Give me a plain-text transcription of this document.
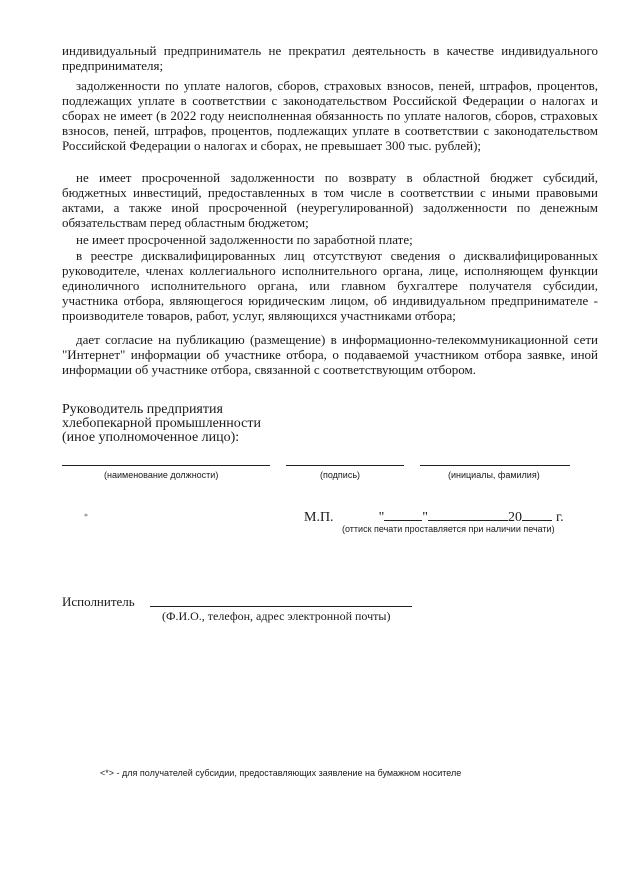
индивидуальный предприниматель не прекратил деятельность в качестве индивидуального предпринимателя;
задолженности по уплате налогов, сборов, страховых взносов, пеней, штрафов, процентов, подлежащих уплате в соответствии с законодательством Российской Федерации о налогах и сборах не имеет (в 2022 году неисполненная обязанность по уплате налогов, сборов, страховых взносов, пеней, штрафов, процентов, подлежащих уплате в соответствии с законодательством Российской Федерации о налогах и сборах, не превышает 300 тыс. рублей);
не имеет просроченной задолженности по возврату в областной бюджет субсидий, бюджетных инвестиций, предоставленных в том числе в соответствии с иными правовыми актами, а также иной просроченной (неурегулированной) задолженности по денежным обязательствам перед областным бюджетом;
не имеет просроченной задолженности по заработной плате;
в реестре дисквалифицированных лиц отсутствуют сведения о дисквалифицированных руководителе, членах коллегиального исполнительного органа, лице, исполняющем функции единоличного исполнительного органа, или главном бухгалтере получателя субсидии, участника отбора, являющегося юридическим лицом, об индивидуальном предпринимателе - производителе товаров, работ, услуг, являющихся участниками отбора;
дает согласие на публикацию (размещение) в информационно-телекоммуникационной сети "Интернет" информации об участнике отбора, о подаваемой участником отбора заявке, иной информации об участнике отбора, связанной с соответствующим отбором.
Руководитель предприятия
хлебопекарной промышленности
(иное уполномоченное лицо):
(наименование должности)	(подпись)	(инициалы, фамилия)
*	М.П.	"	"	20 г.
(оттиск печати проставляется при наличии печати)
Исполнитель
(Ф.И.О., телефон, адрес электронной почты)
<*> - для получателей субсидии, предоставляющих заявление на бумажном носителе
